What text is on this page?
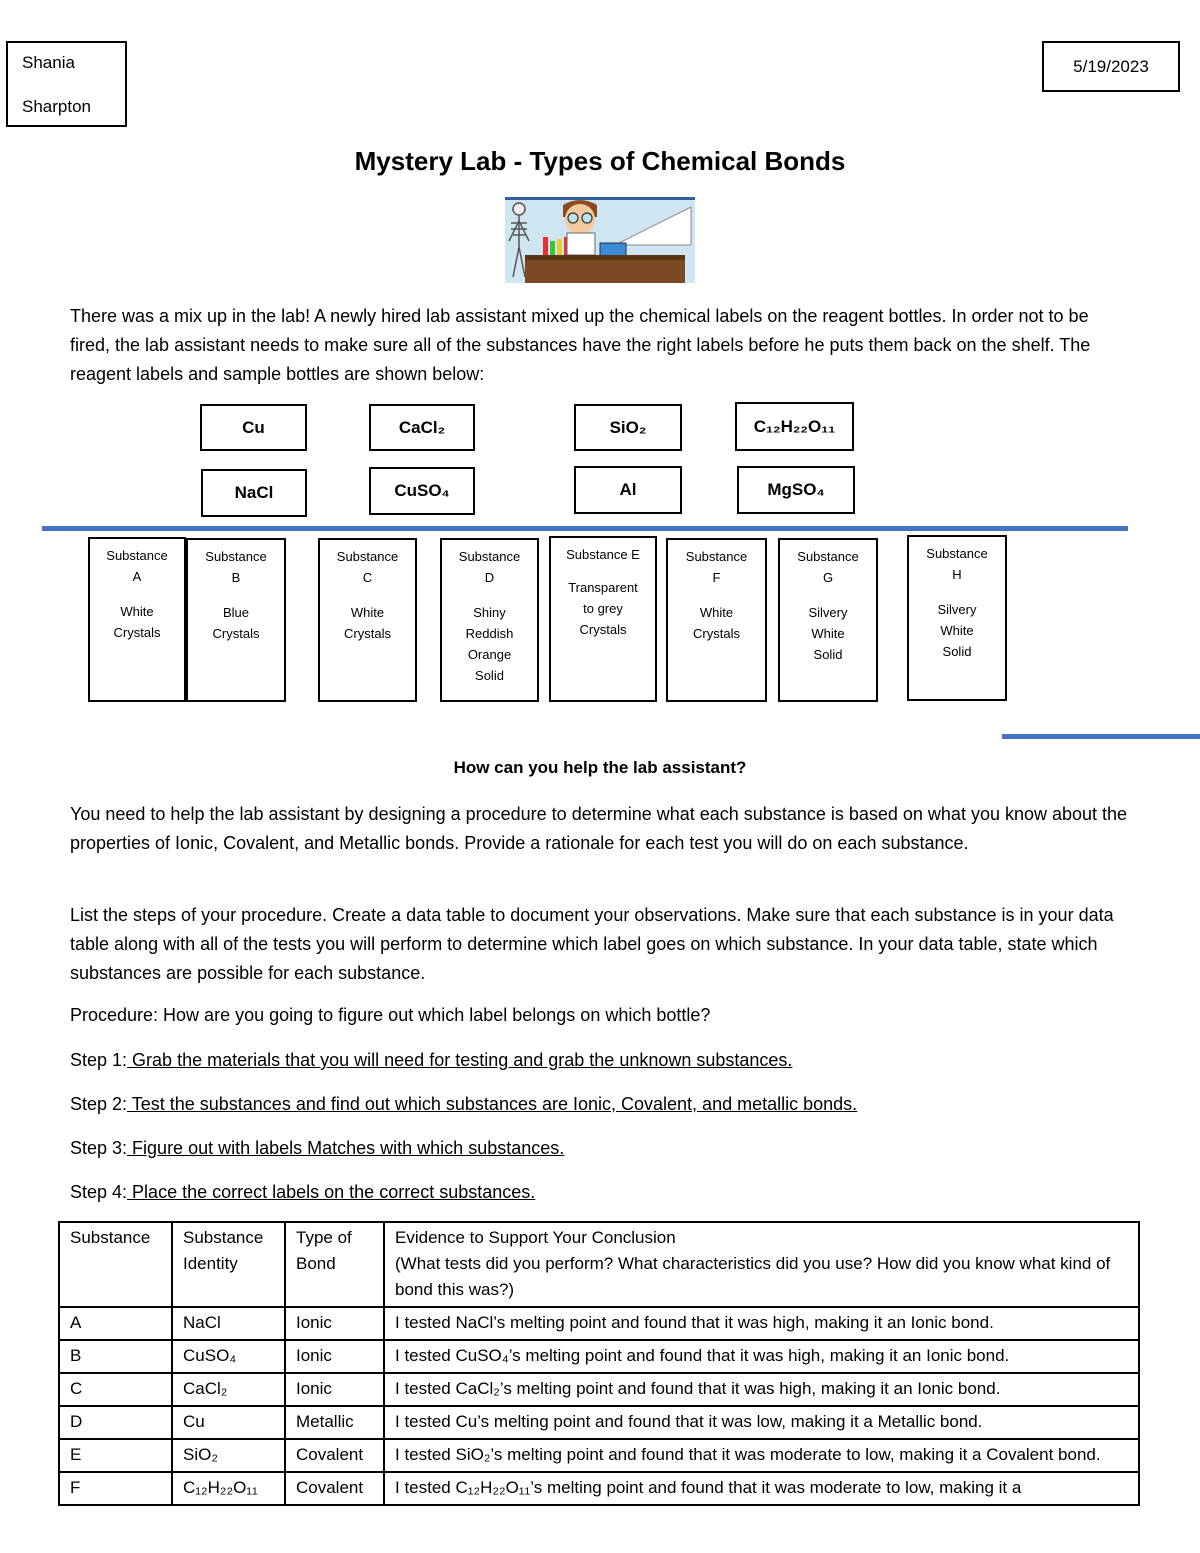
Shania
Sharpton
5/19/2023
Mystery Lab - Types of Chemical Bonds
There was a mix up in the lab! A newly hired lab assistant mixed up the chemical labels on the reagent bottles. In order not to be fired, the lab assistant needs to make sure all of the substances have the right labels before he puts them back on the shelf. The reagent labels and sample bottles are shown below:
Cu	CaCl₂	SiO₂	C₁₂H₂₂O₁₁
NaCl	CuSO₄	Al	MgSO₄
Substance
A
White
Crystals
Substance
B
Blue
Crystals
Substance
C
White
Crystals
Substance
D
Shiny
Reddish
Orange
Solid
Substance E
Transparent
to grey
Crystals
Substance
F
White
Crystals
Substance
G
Silvery
White
Solid
Substance
H
Silvery
White
Solid
How can you help the lab assistant?
You need to help the lab assistant by designing a procedure to determine what each substance is based on what you know about the properties of Ionic, Covalent, and Metallic bonds. Provide a rationale for each test you will do on each substance.
List the steps of your procedure. Create a data table to document your observations. Make sure that each substance is in your data table along with all of the tests you will perform to determine which label goes on which substance. In your data table, state which substances are possible for each substance.
Procedure: How are you going to figure out which label belongs on which bottle?
Step 1: Grab the materials that you will need for testing and grab the unknown substances.
Step 2: Test the substances and find out which substances are Ionic, Covalent, and metallic bonds.
Step 3: Figure out with labels Matches with which substances.
Step 4: Place the correct labels on the correct substances.
Substance	Substance Identity	Type of Bond	Evidence to Support Your Conclusion
(What tests did you perform? What characteristics did you use? How did you know what kind of bond this was?)

A	NaCl	Ionic	I tested NaCl’s melting point and found that it was high, making it an Ionic bond.
B	CuSO₄	Ionic	I tested CuSO₄’s melting point and found that it was high, making it an Ionic bond.
C	CaCl₂	Ionic	I tested CaCl₂’s melting point and found that it was high, making it an Ionic bond.
D	Cu	Metallic	I tested Cu’s melting point and found that it was low, making it a Metallic bond.
E	SiO₂	Covalent	I tested SiO₂’s melting point and found that it was moderate to low, making it a Covalent bond.
F	C₁₂H₂₂O₁₁	Covalent	I tested C₁₂H₂₂O₁₁’s melting point and found that it was moderate to low, making it a
